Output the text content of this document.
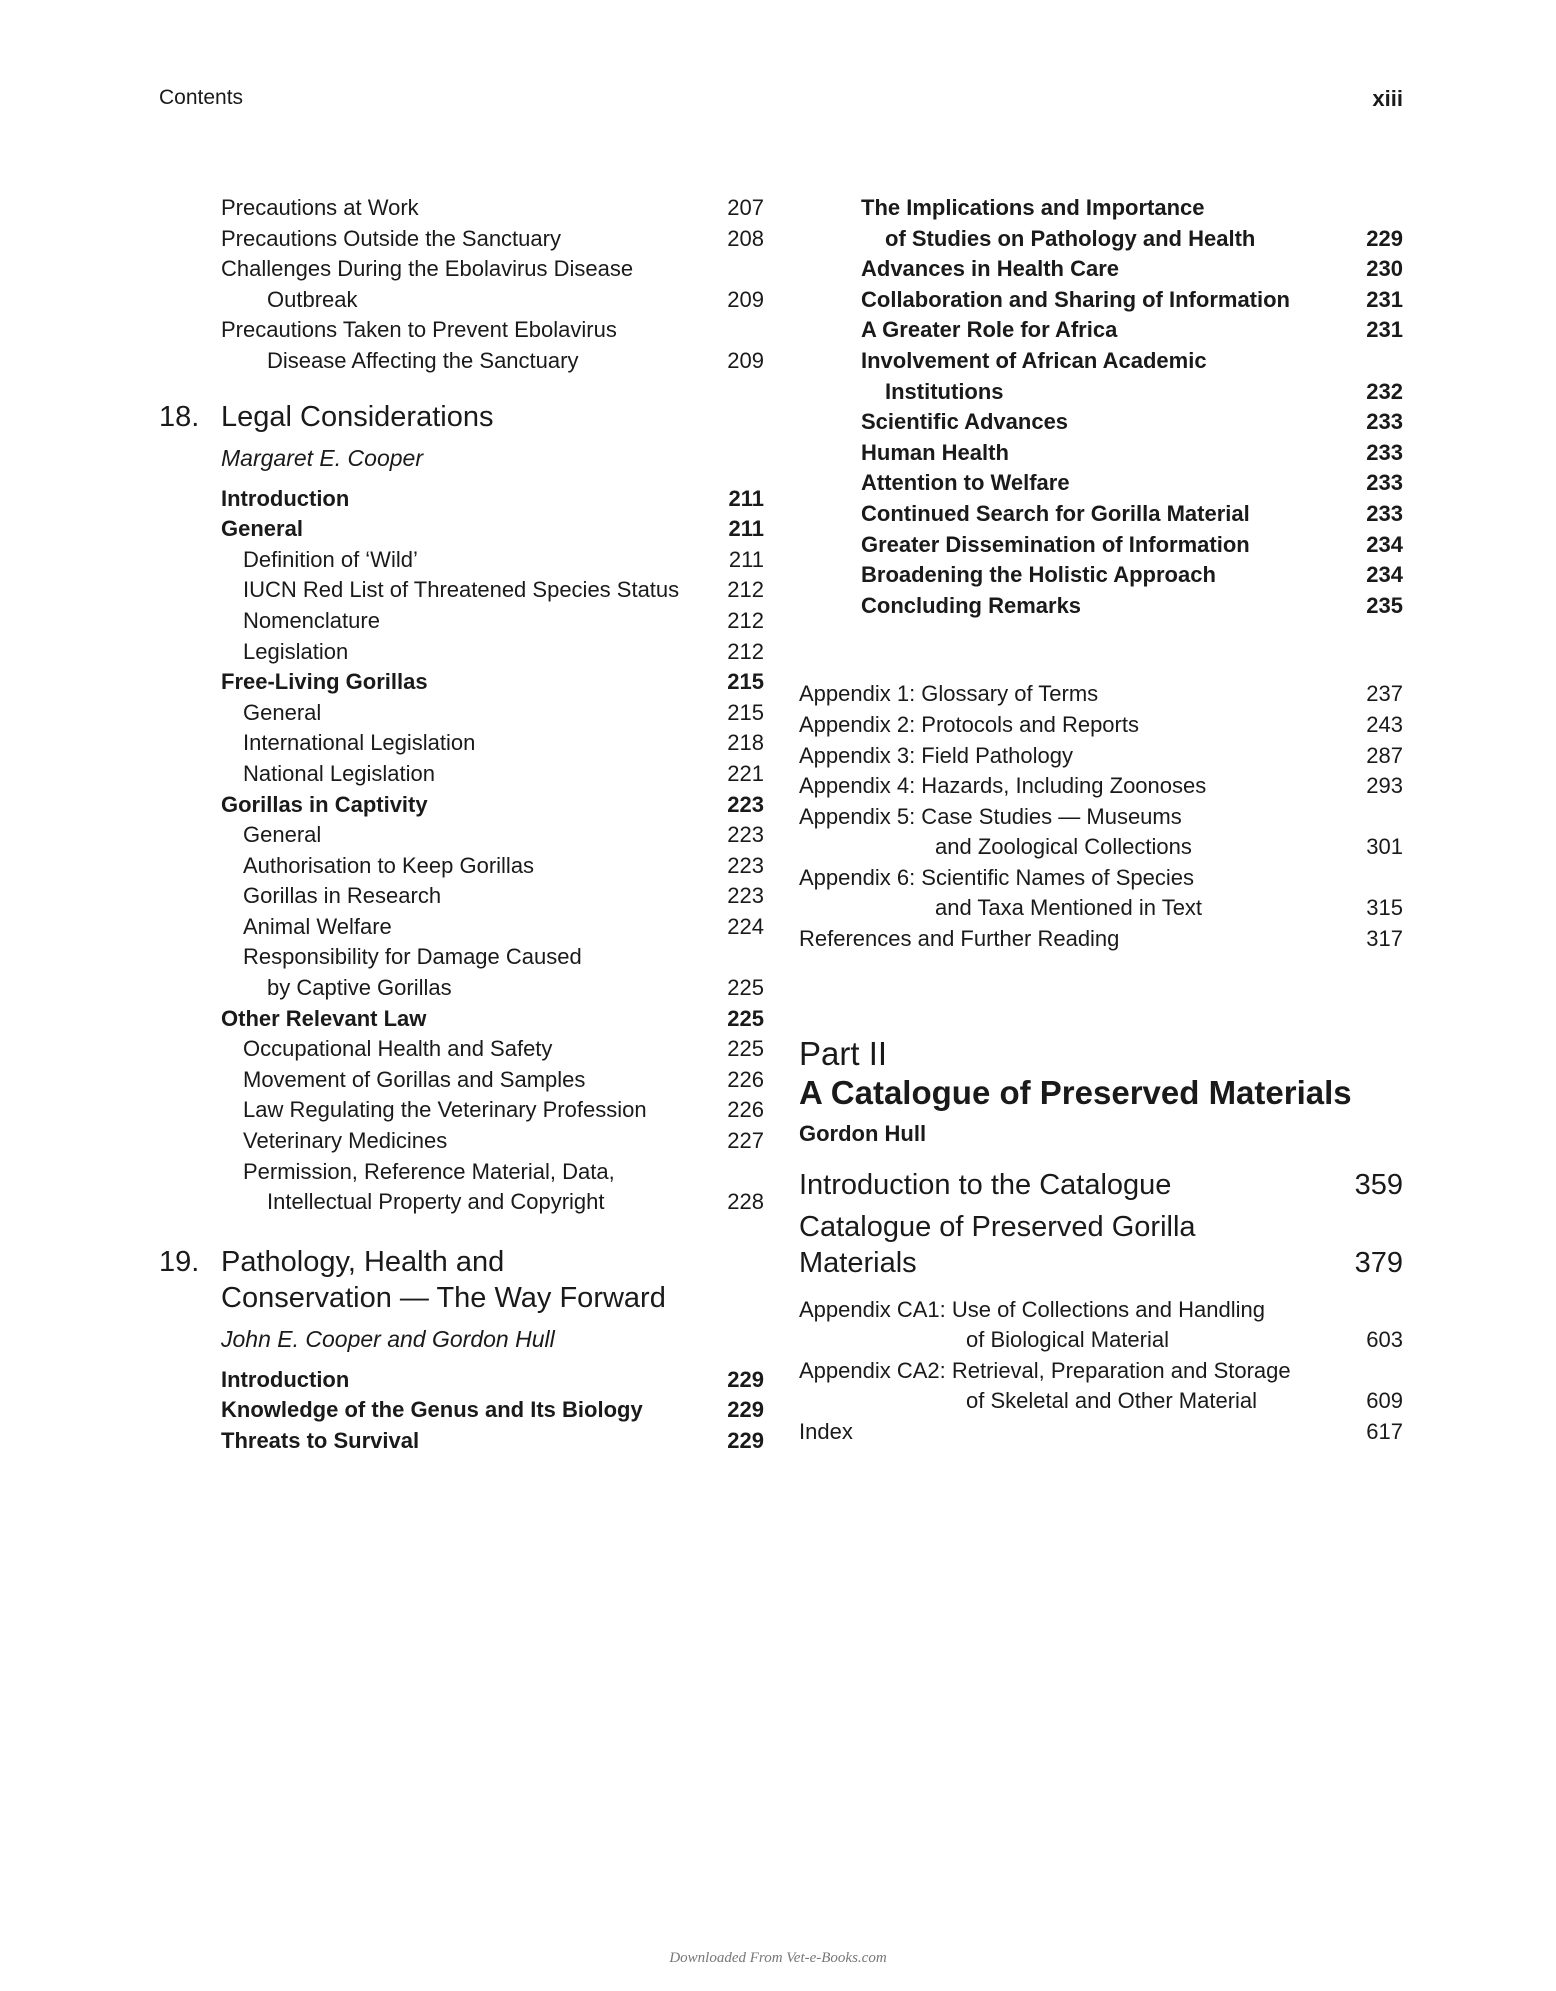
Contents	xiii
Precautions at Work	207
Precautions Outside the Sanctuary	208
Challenges During the Ebolavirus Disease
Outbreak	209
Precautions Taken to Prevent Ebolavirus
Disease Affecting the Sanctuary	209
18. Legal Considerations
Margaret E. Cooper
Introduction	211
General	211
Definition of ‘Wild’	211
IUCN Red List of Threatened Species Status 212
Nomenclature	212
Legislation	212
Free-Living Gorillas	215
General	215
International Legislation	218
National Legislation	221
Gorillas in Captivity	223
General	223
Authorisation to Keep Gorillas	223
Gorillas in Research	223
Animal Welfare	224
Responsibility for Damage Caused
by Captive Gorillas	225
Other Relevant Law	225
Occupational Health and Safety	225
Movement of Gorillas and Samples	226
Law Regulating the Veterinary Profession	226
Veterinary Medicines	227
Permission, Reference Material, Data,
Intellectual Property and Copyright	228
19. Pathology, Health and
Conservation — The Way Forward
John E. Cooper and Gordon Hull
Introduction	229
Knowledge of the Genus and Its Biology	229
Threats to Survival	229
The Implications and Importance
of Studies on Pathology and Health	229
Advances in Health Care	230
Collaboration and Sharing of Information	231
A Greater Role for Africa	231
Involvement of African Academic
Institutions	232
Scientific Advances	233
Human Health	233
Attention to Welfare	233
Continued Search for Gorilla Material	233
Greater Dissemination of Information	234
Broadening the Holistic Approach	234
Concluding Remarks	235
Appendix 1: Glossary of Terms	237
Appendix 2: Protocols and Reports	243
Appendix 3: Field Pathology	287
Appendix 4: Hazards, Including Zoonoses	293
Appendix 5: Case Studies — Museums
and Zoological Collections	301
Appendix 6: Scientific Names of Species
and Taxa Mentioned in Text	315
References and Further Reading	317
Part II
A Catalogue of Preserved Materials
Gordon Hull
Introduction to the Catalogue	359
Catalogue of Preserved Gorilla
Materials	379
Appendix CA1: Use of Collections and Handling
of Biological Material	603
Appendix CA2: Retrieval, Preparation and Storage
of Skeletal and Other Material	609
Index	617
Downloaded From Vet-e-Books.com
